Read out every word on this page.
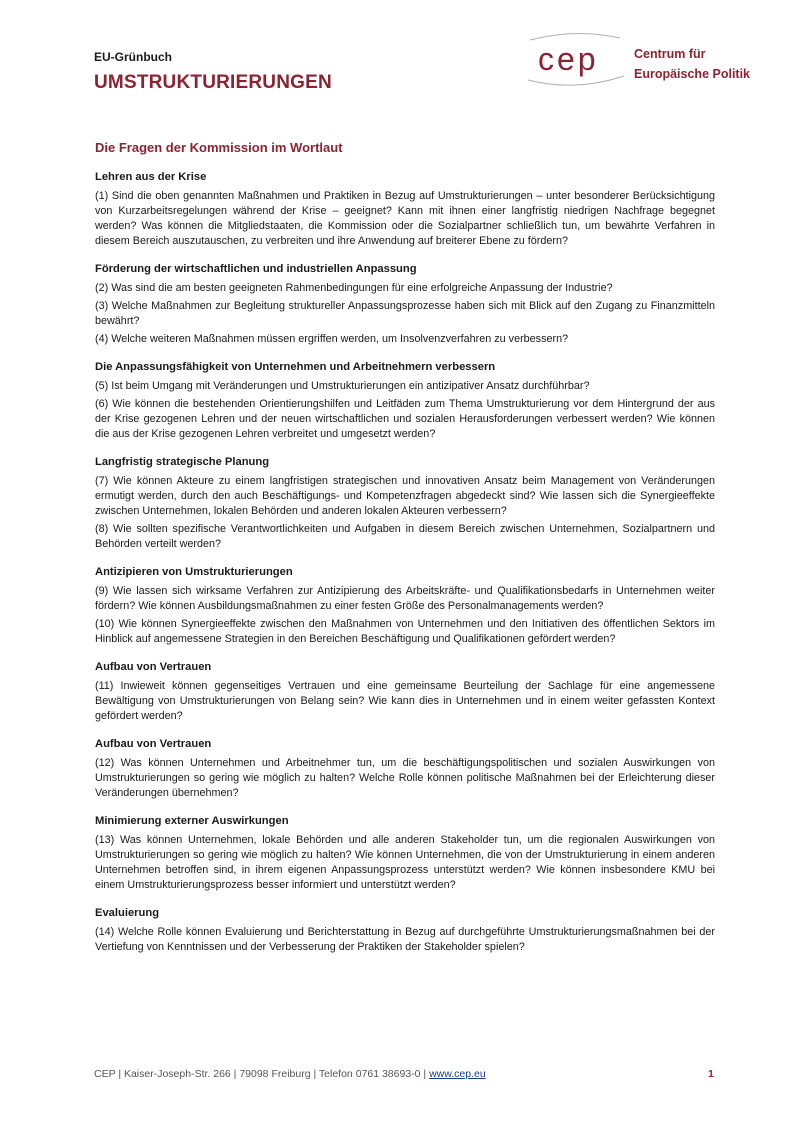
EU-Grünbuch
UMSTRUKTURIERUNGEN
cep	Centrum für
Europäische Politik
Die Fragen der Kommission im Wortlaut
Lehren aus der Krise
(1) Sind die oben genannten Maßnahmen und Praktiken in Bezug auf Umstrukturierungen – unter besonderer Berücksichtigung von Kurzarbeitsregelungen während der Krise – geeignet? Kann mit ihnen einer langfristig niedrigen Nachfrage begegnet werden? Was können die Mitgliedstaaten, die Kommission oder die Sozialpartner schließlich tun, um bewährte Verfahren in diesem Bereich auszutauschen, zu verbreiten und ihre Anwendung auf breiterer Ebene zu fördern?
Förderung der wirtschaftlichen und industriellen Anpassung
(2) Was sind die am besten geeigneten Rahmenbedingungen für eine erfolgreiche Anpassung der Industrie?
(3) Welche Maßnahmen zur Begleitung struktureller Anpassungsprozesse haben sich mit Blick auf den Zugang zu Finanzmitteln bewährt?
(4) Welche weiteren Maßnahmen müssen ergriffen werden, um Insolvenzverfahren zu verbessern?
Die Anpassungsfähigkeit von Unternehmen und Arbeitnehmern verbessern
(5) Ist beim Umgang mit Veränderungen und Umstrukturierungen ein antizipativer Ansatz durchführbar?
(6) Wie können die bestehenden Orientierungshilfen und Leitfäden zum Thema Umstrukturierung vor dem Hintergrund der aus der Krise gezogenen Lehren und der neuen wirtschaftlichen und sozialen Herausforderungen verbessert werden? Wie können die aus der Krise gezogenen Lehren verbreitet und umgesetzt werden?
Langfristig strategische Planung
(7) Wie können Akteure zu einem langfristigen strategischen und innovativen Ansatz beim Management von Veränderungen ermutigt werden, durch den auch Beschäftigungs- und Kompetenzfragen abgedeckt sind? Wie lassen sich die Synergieeffekte zwischen Unternehmen, lokalen Behörden und anderen lokalen Akteuren verbessern?
(8) Wie sollten spezifische Verantwortlichkeiten und Aufgaben in diesem Bereich zwischen Unternehmen, Sozialpartnern und Behörden verteilt werden?
Antizipieren von Umstrukturierungen
(9) Wie lassen sich wirksame Verfahren zur Antizipierung des Arbeitskräfte- und Qualifikationsbedarfs in Unternehmen weiter fördern? Wie können Ausbildungsmaßnahmen zu einer festen Größe des Personalmanagements werden?
(10) Wie können Synergieeffekte zwischen den Maßnahmen von Unternehmen und den Initiativen des öffentlichen Sektors im Hinblick auf angemessene Strategien in den Bereichen Beschäftigung und Qualifikationen gefördert werden?
Aufbau von Vertrauen
(11) Inwieweit können gegenseitiges Vertrauen und eine gemeinsame Beurteilung der Sachlage für eine angemessene Bewältigung von Umstrukturierungen von Belang sein? Wie kann dies in Unternehmen und in einem weiter gefassten Kontext gefördert werden?
Aufbau von Vertrauen
(12) Was können Unternehmen und Arbeitnehmer tun, um die beschäftigungspolitischen und sozialen Auswirkungen von Umstrukturierungen so gering wie möglich zu halten? Welche Rolle können politische Maßnahmen bei der Erleichterung dieser Veränderungen übernehmen?
Minimierung externer Auswirkungen
(13) Was können Unternehmen, lokale Behörden und alle anderen Stakeholder tun, um die regionalen Auswirkungen von Umstrukturierungen so gering wie möglich zu halten? Wie können Unternehmen, die von der Umstrukturierung in einem anderen Unternehmen betroffen sind, in ihrem eigenen Anpassungsprozess unterstützt werden? Wie können insbesondere KMU bei einem Umstrukturierungsprozess besser informiert und unterstützt werden?
Evaluierung
(14) Welche Rolle können Evaluierung und Berichterstattung in Bezug auf durchgeführte Umstrukturierungsmaßnahmen bei der Vertiefung von Kenntnissen und der Verbesserung der Praktiken der Stakeholder spielen?
CEP | Kaiser-Joseph-Str. 266 | 79098 Freiburg | Telefon 0761 38693-0 | www.cep.eu	1
